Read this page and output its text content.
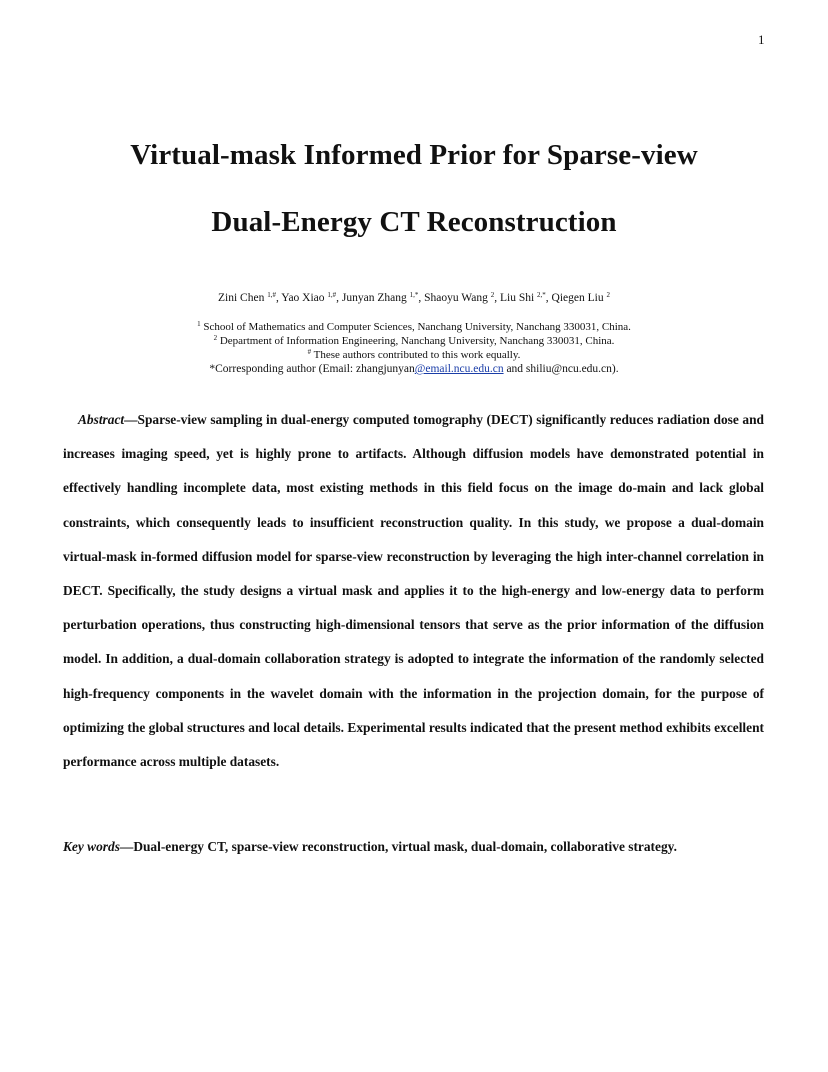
1
Virtual-mask Informed Prior for Sparse-view
Dual-Energy CT Reconstruction
Zini Chen $^{1,\#}$, Yao Xiao $^{1,\#}$, Junyan Zhang $^{1,*}$, Shaoyu Wang $^2$, Liu Shi $^{2,*}$, Qiegen Liu $^2$
$^1$ School of Mathematics and Computer Sciences, Nanchang University, Nanchang 330031, China.
$^2$ Department of Information Engineering, Nanchang University, Nanchang 330031, China.
# These authors contributed to this work equally.
*Corresponding author (Email: zhangjunyan@email.ncu.edu.cn and shiliu@ncu.edu.cn).

Abstract—Sparse-view sampling in dual-energy computed tomography (DECT) significantly reduces radiation dose and increases imaging speed, yet is highly prone to artifacts. Although diffusion models have demonstrated potential in effectively handling incomplete data, most existing methods in this field focus on the image do-main and lack global constraints, which consequently leads to insufficient reconstruction quality. In this study, we propose a dual-domain virtual-mask in-formed diffusion model for sparse-view reconstruction by leveraging the high inter-channel correlation in DECT. Specifically, the study designs a virtual mask and applies it to the high-energy and low-energy data to perform perturbation operations, thus constructing high-dimensional tensors that serve as the prior information of the diffusion model. In addition, a dual-domain collaboration strategy is adopted to integrate the information of the randomly selected high-frequency components in the wavelet domain with the information in the projection domain, for the purpose of optimizing the global structures and local details. Experimental results indicated that the present method exhibits excellent performance across multiple datasets.

Key words—Dual-energy CT, sparse-view reconstruction, virtual mask, dual-domain, collaborative strategy.
